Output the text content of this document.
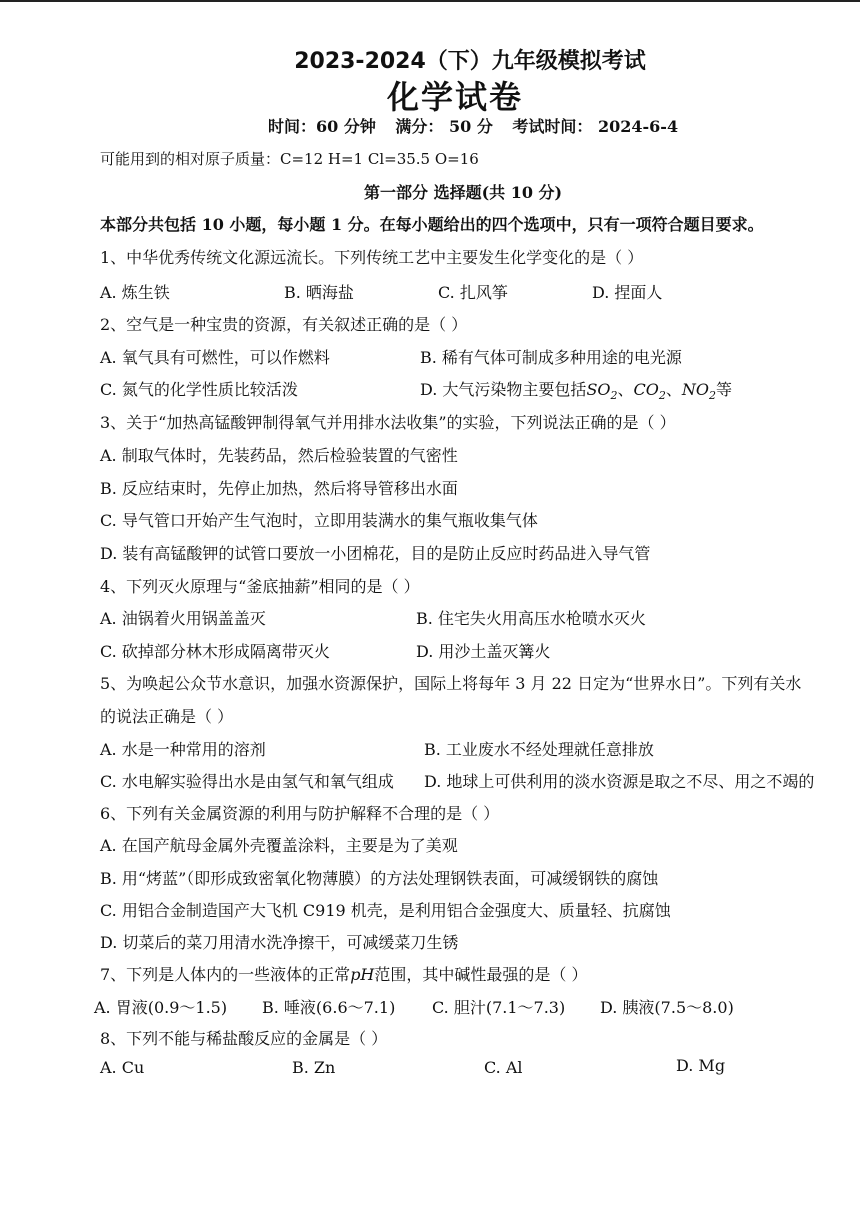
2023-2024（下）九年级模拟考试
化学试卷
时间：60 分钟 满分： 50 分 考试时间： 2024-6-4
可能用到的相对原子质量：C=12 H=1 Cl=35.5 O=16
第一部分 选择题(共 10 分)
本部分共包括 10 小题，每小题 1 分。在每小题给出的四个选项中，只有一项符合题目要求。
1、中华优秀传统文化源远流长。下列传统工艺中主要发生化学变化的是（ ）
A. 炼生铁	B. 晒海盐	C. 扎风筝	D. 捏面人
2、空气是一种宝贵的资源，有关叙述正确的是（ ）
A. 氧气具有可燃性，可以作燃料	B. 稀有气体可制成多种用途的电光源
C. 氮气的化学性质比较活泼	D. 大气污染物主要包括$SO_2$、$CO_2$、$NO_2$等
3、关于“加热高锰酸钾制得氧气并用排水法收集”的实验，下列说法正确的是（ ）
A. 制取气体时，先装药品，然后检验装置的气密性
B. 反应结束时，先停止加热，然后将导管移出水面
C. 导气管口开始产生气泡时，立即用装满水的集气瓶收集气体
D. 装有高锰酸钾的试管口要放一小团棉花，目的是防止反应时药品进入导气管
4、下列灭火原理与“釜底抽薪”相同的是（ ）
A. 油锅着火用锅盖盖灭	B. 住宅失火用高压水枪喷水灭火
C. 砍掉部分林木形成隔离带灭火	D. 用沙土盖灭篝火
5、为唤起公众节水意识，加强水资源保护，国际上将每年 3 月 22 日定为“世界水日”。下列有关水
的说法正确是（ ）
A. 水是一种常用的溶剂	B. 工业废水不经处理就任意排放
C. 水电解实验得出水是由氢气和氧气组成 D. 地球上可供利用的淡水资源是取之不尽、用之不竭的
6、下列有关金属资源的利用与防护解释不合理的是（ ）
A. 在国产航母金属外壳覆盖涂料，主要是为了美观
B. 用“烤蓝”（即形成致密氧化物薄膜）的方法处理钢铁表面，可减缓钢铁的腐蚀
C. 用铝合金制造国产大飞机 C919 机壳，是利用铝合金强度大、质量轻、抗腐蚀
D. 切菜后的菜刀用清水洗净擦干，可减缓菜刀生锈
7、下列是人体内的一些液体的正常pH范围，其中碱性最强的是（ ）
A. 胃液(0.9～1.5) B. 唾液(6.6～7.1) C. 胆汁(7.1～7.3) D. 胰液(7.5～8.0)
8、下列不能与稀盐酸反应的金属是（ ）
A. Cu	B. Zn	C. Al	D. Mg
